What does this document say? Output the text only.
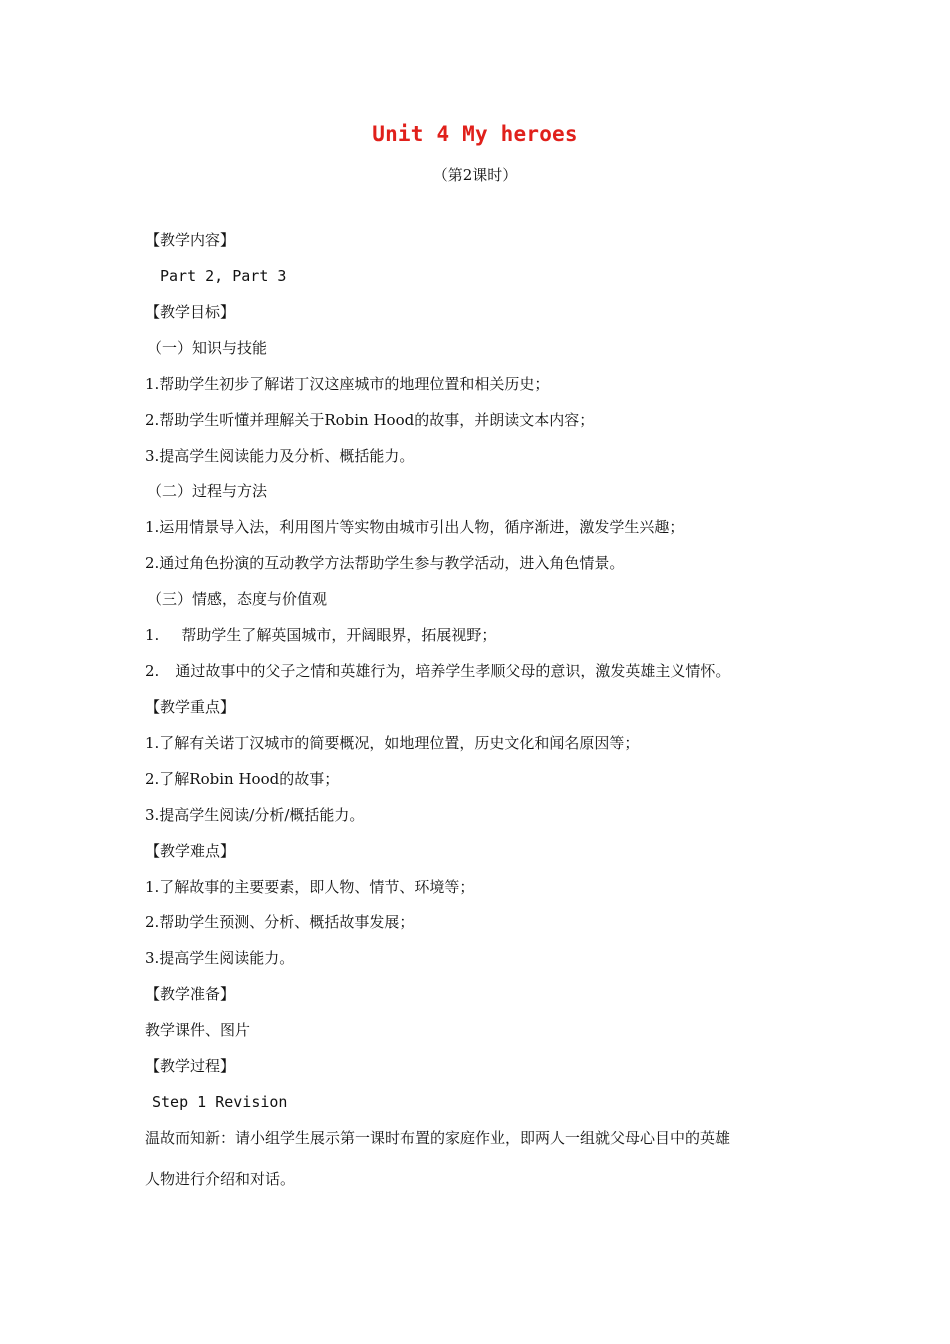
Unit 4 My heroes
（第2课时）
【教学内容】
Part 2, Part 3
【教学目标】
（一）知识与技能
1.帮助学生初步了解诺丁汉这座城市的地理位置和相关历史；
2.帮助学生听懂并理解关于Robin Hood的故事，并朗读文本内容；
3.提高学生阅读能力及分析、概括能力。
（二）过程与方法
1.运用情景导入法，利用图片等实物由城市引出人物，循序渐进，激发学生兴趣；
2.通过角色扮演的互动教学方法帮助学生参与教学活动，进入角色情景。
（三）情感，态度与价值观
1. 帮助学生了解英国城市，开阔眼界，拓展视野；
2. 通过故事中的父子之情和英雄行为，培养学生孝顺父母的意识，激发英雄主义情怀。
【教学重点】
1.了解有关诺丁汉城市的简要概况，如地理位置，历史文化和闻名原因等；
2.了解Robin Hood的故事；
3.提高学生阅读/分析/概括能力。
【教学难点】
1.了解故事的主要要素，即人物、情节、环境等；
2.帮助学生预测、分析、概括故事发展；
3.提高学生阅读能力。
【教学准备】
教学课件、图片
【教学过程】
Step 1 Revision
温故而知新：请小组学生展示第一课时布置的家庭作业，即两人一组就父母心目中的英雄
人物进行介绍和对话。
